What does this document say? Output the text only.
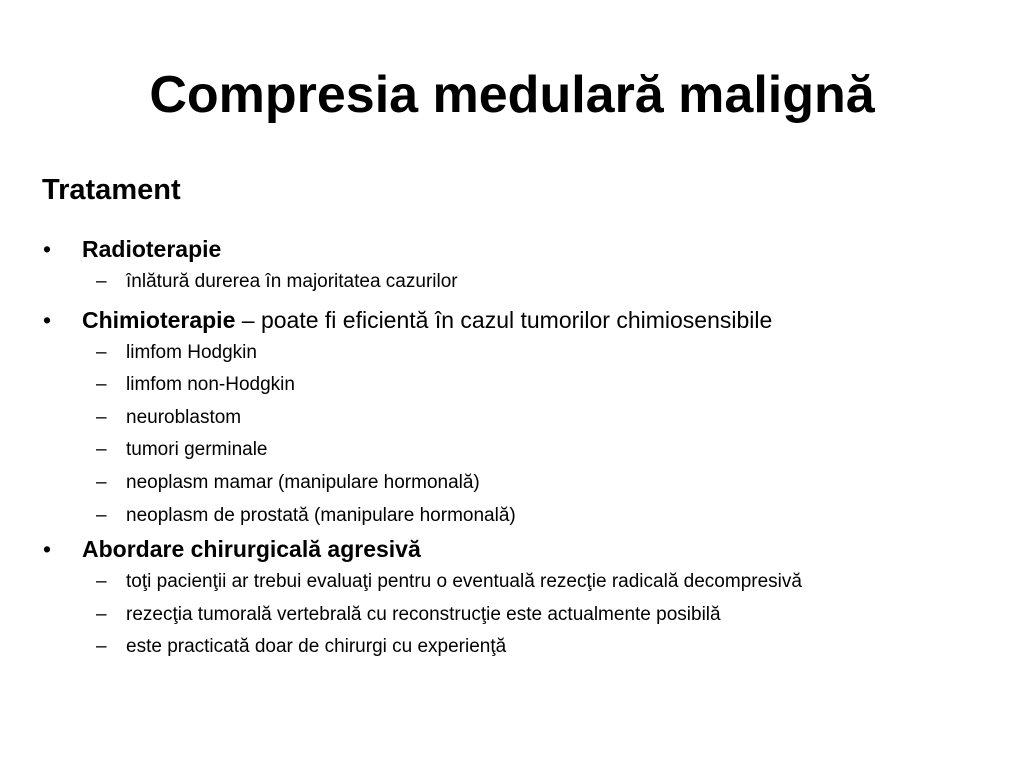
Compresia medulară malignă
Tratament
• Radioterapie
– înlătură durerea în majoritatea cazurilor
• Chimioterapie – poate fi eficientă în cazul tumorilor chimiosensibile
– limfom Hodgkin
– limfom non-Hodgkin
– neuroblastom
– tumori germinale
– neoplasm mamar (manipulare hormonală)
– neoplasm de prostată (manipulare hormonală)
• Abordare chirurgicală agresivă
– toţi pacienţii ar trebui evaluaţi pentru o eventuală rezecţie radicală decompresivă
– rezecţia tumorală vertebrală cu reconstrucţie este actualmente posibilă
– este practicată doar de chirurgi cu experienţă
